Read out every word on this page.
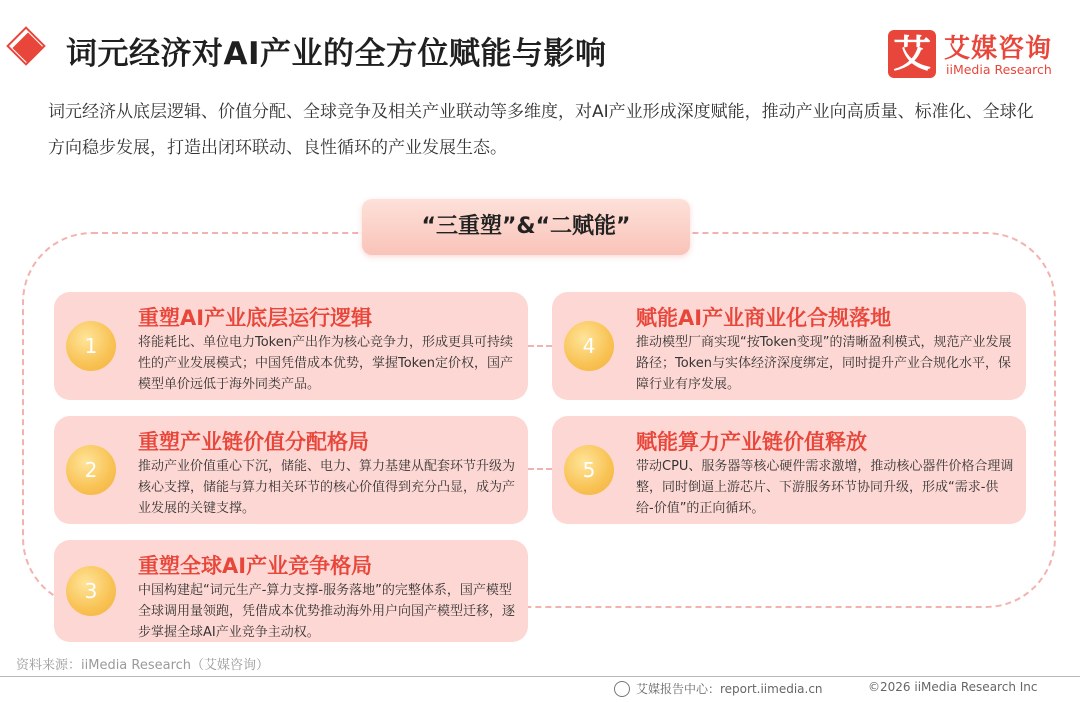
词元经济对AI产业的全方位赋能与影响	艾 艾媒咨询
iiMedia Research

词元经济从底层逻辑、价值分配、全球竞争及相关产业联动等多维度，对AI产业形成深度赋能，推动产业向高质量、标准化、全球化方向稳步发展，打造出闭环联动、良性循环的产业发展生态。

“三重塑”&“二赋能”
1
重塑AI产业底层运行逻辑
将能耗比、单位电力Token产出作为核心竞争力，形成更具可持续性的产业发展模式；中国凭借成本优势，掌握Token定价权，国产模型单价远低于海外同类产品。
2
重塑产业链价值分配格局
推动产业价值重心下沉，储能、电力、算力基建从配套环节升级为核心支撑，储能与算力相关环节的核心价值得到充分凸显，成为产业发展的关键支撑。
3
重塑全球AI产业竞争格局
中国构建起“词元生产-算力支撑-服务落地”的完整体系，国产模型全球调用量领跑，凭借成本优势推动海外用户向国产模型迁移，逐步掌握全球AI产业竞争主动权。
4
赋能AI产业商业化合规落地
推动模型厂商实现“按Token变现”的清晰盈利模式，规范产业发展路径；Token与实体经济深度绑定，同时提升产业合规化水平，保障行业有序发展。
5
赋能算力产业链价值释放
带动CPU、服务器等核心硬件需求激增，推动核心器件价格合理调整，同时倒逼上游芯片、下游服务环节协同升级，形成“需求-供给-价值”的正向循环。
资料来源：iiMedia Research（艾媒咨询）
艾媒报告中心：report.iimedia.cn	©2026 iiMedia Research Inc
